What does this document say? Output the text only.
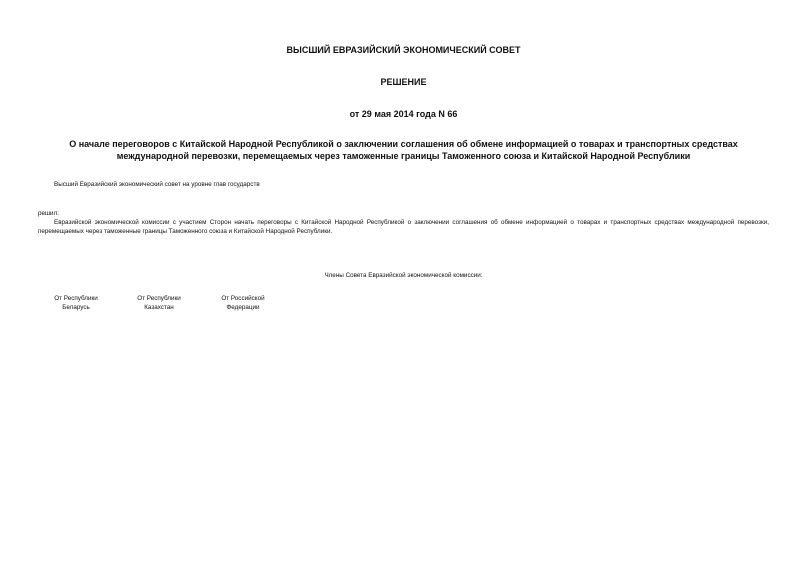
ВЫСШИЙ ЕВРАЗИЙСКИЙ ЭКОНОМИЧЕСКИЙ СОВЕТ
РЕШЕНИЕ
от 29 мая 2014 года N 66
О начале переговоров с Китайской Народной Республикой о заключении соглашения об обмене информацией о товарах и транспортных средствах международной перевозки, перемещаемых через таможенные границы Таможенного союза и Китайской Народной Республики
Высший Евразийский экономический совет на уровне глав государств
решил:
Евразийской экономической комиссии с участием Сторон начать переговоры с Китайской Народной Республикой о заключении соглашения об обмене информацией о товарах и транспортных средствах международной перевозки, перемещаемых через таможенные границы Таможенного союза и Китайской Народной Республики.
Члены Совета Евразийской экономической комиссии:
От Республики
Беларусь
От Республики
Казахстан
От Российской
Федерации
